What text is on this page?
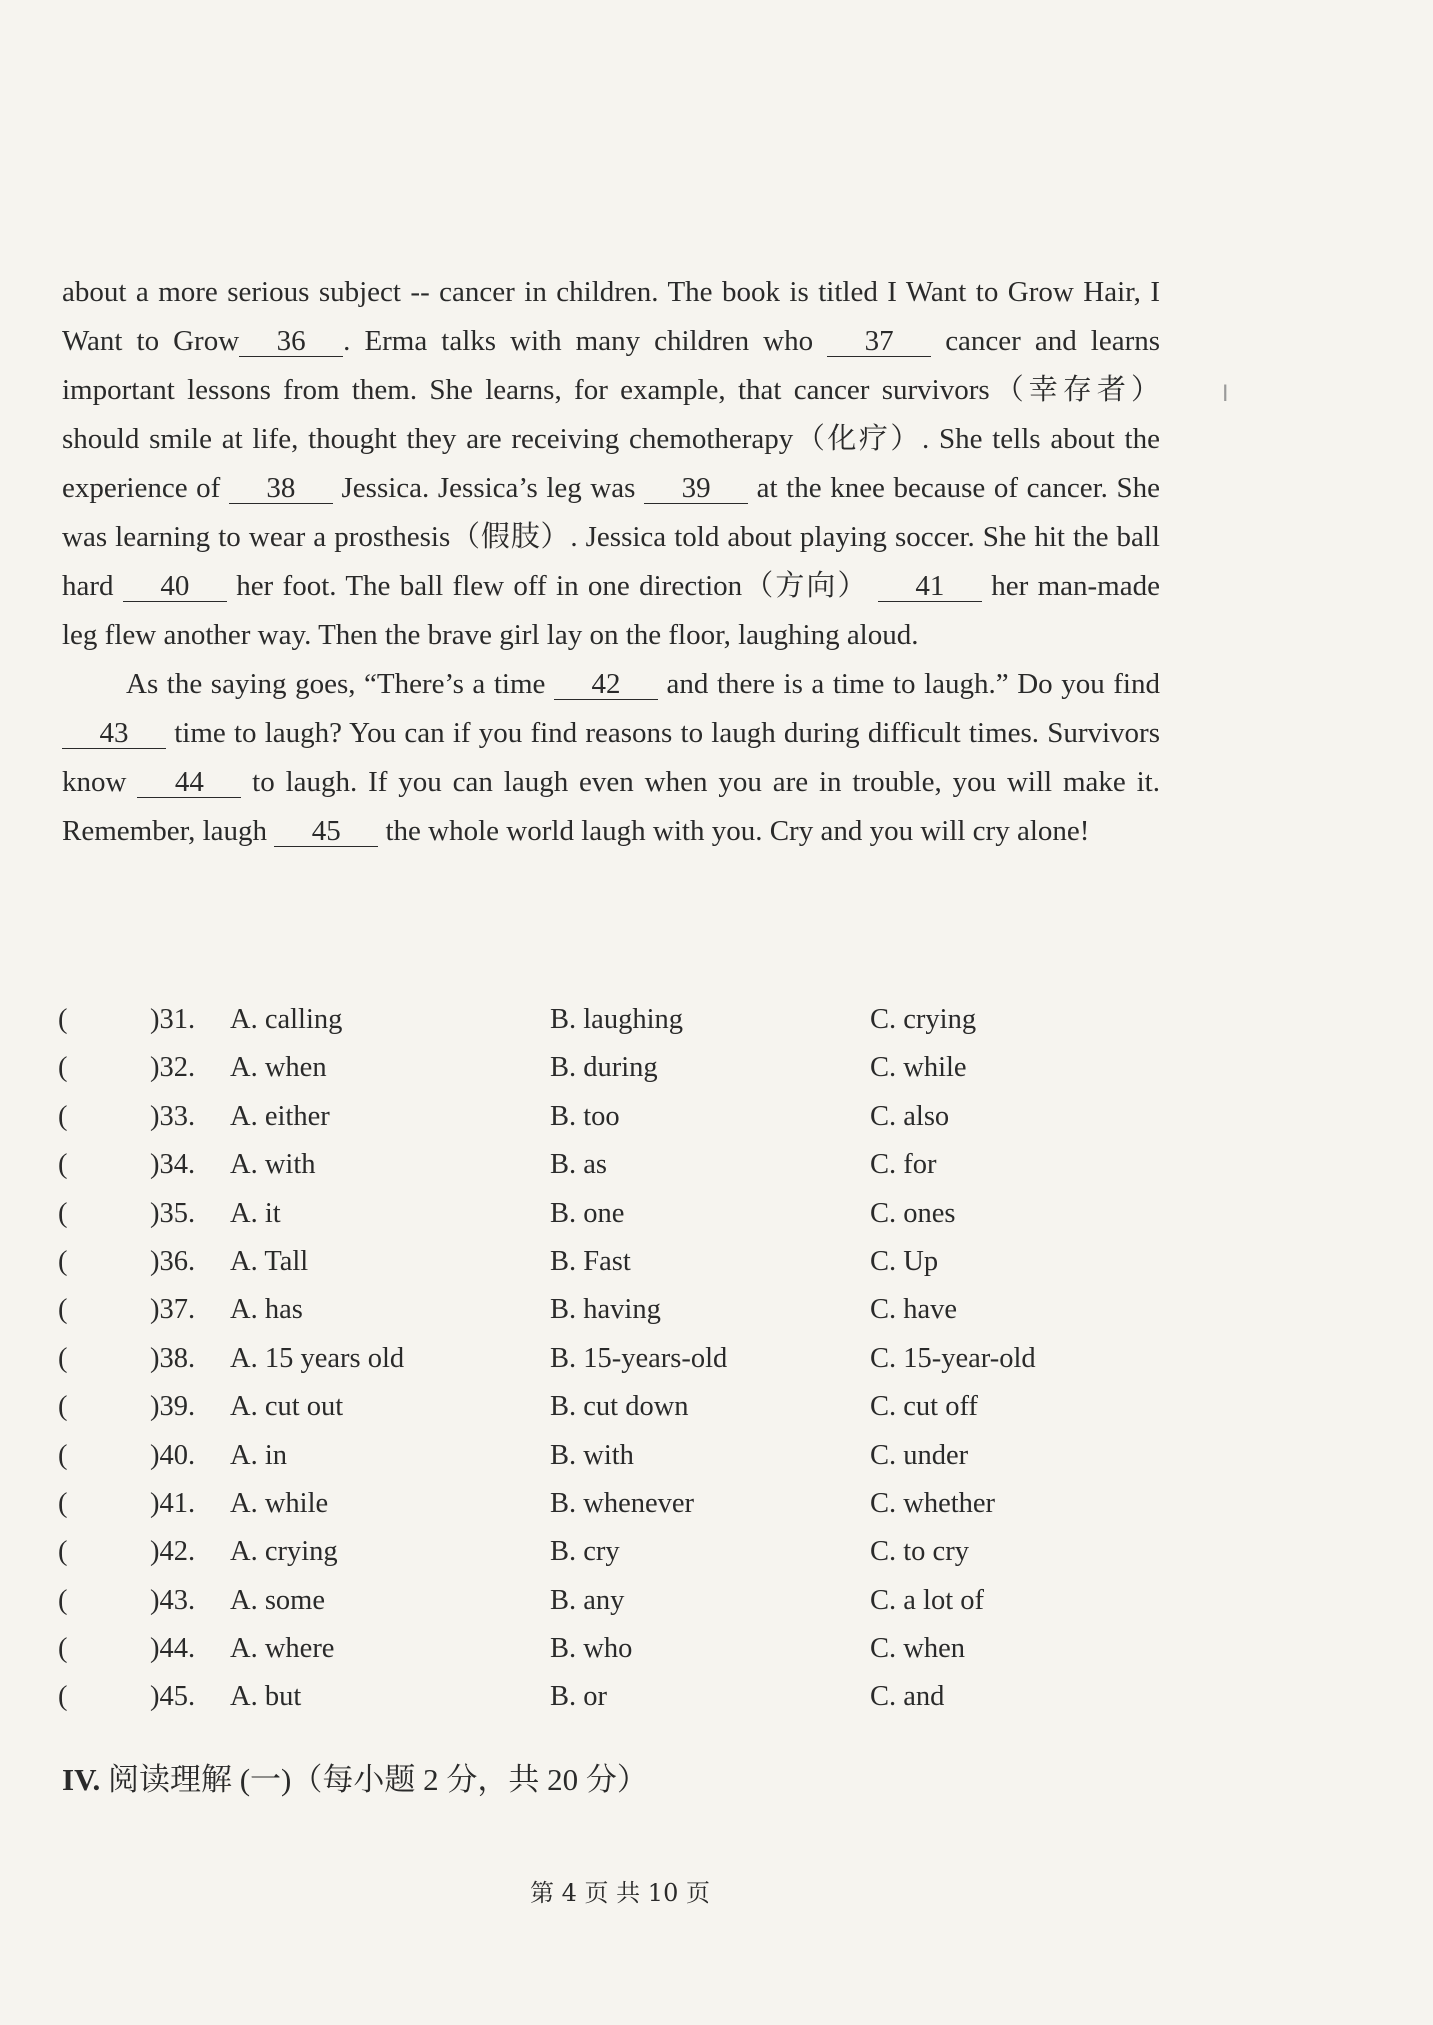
about a more serious subject -- cancer in children. The book is titled I Want to Grow Hair, I Want to Grow 36 . Erma talks with many children who 37 cancer and learns important lessons from them. She learns, for example, that cancer survivors（幸存者）should smile at life, thought they are receiving chemotherapy（化疗）. She tells about the experience of 38 Jessica. Jessica’s leg was 39 at the knee because of cancer. She was learning to wear a prosthesis（假肢）. Jessica told about playing soccer. She hit the ball hard 40 her foot. The ball flew off in one direction（方向） 41 her man-made leg flew another way. Then the brave girl lay on the floor, laughing aloud.

As the saying goes, “There’s a time 42 and there is a time to laugh.” Do you find 43 time to laugh? You can if you find reasons to laugh during difficult times. Survivors know 44 to laugh. If you can laugh even when you are in trouble, you will make it. Remember, laugh 45 the whole world laugh with you. Cry and you will cry alone!

(	)31. A. calling	B. laughing	C. crying
(	)32. A. when	B. during	C. while
(	)33. A. either	B. too	C. also
(	)34. A. with	B. as	C. for
(	)35. A. it	B. one	C. ones
(	)36. A. Tall	B. Fast	C. Up
(	)37. A. has	B. having	C. have
(	)38. A. 15 years old	B. 15-years-old	C. 15-year-old
(	)39. A. cut out	B. cut down	C. cut off
(	)40. A. in	B. with	C. under
(	)41. A. while	B. whenever	C. whether
(	)42. A. crying	B. cry	C. to cry
(	)43. A. some	B. any	C. a lot of
(	)44. A. where	B. who	C. when
(	)45. A. but	B. or	C. and
IV. 阅读理解 (一)（每小题 2 分，共 20 分）
第 4 页 共 10 页
I
